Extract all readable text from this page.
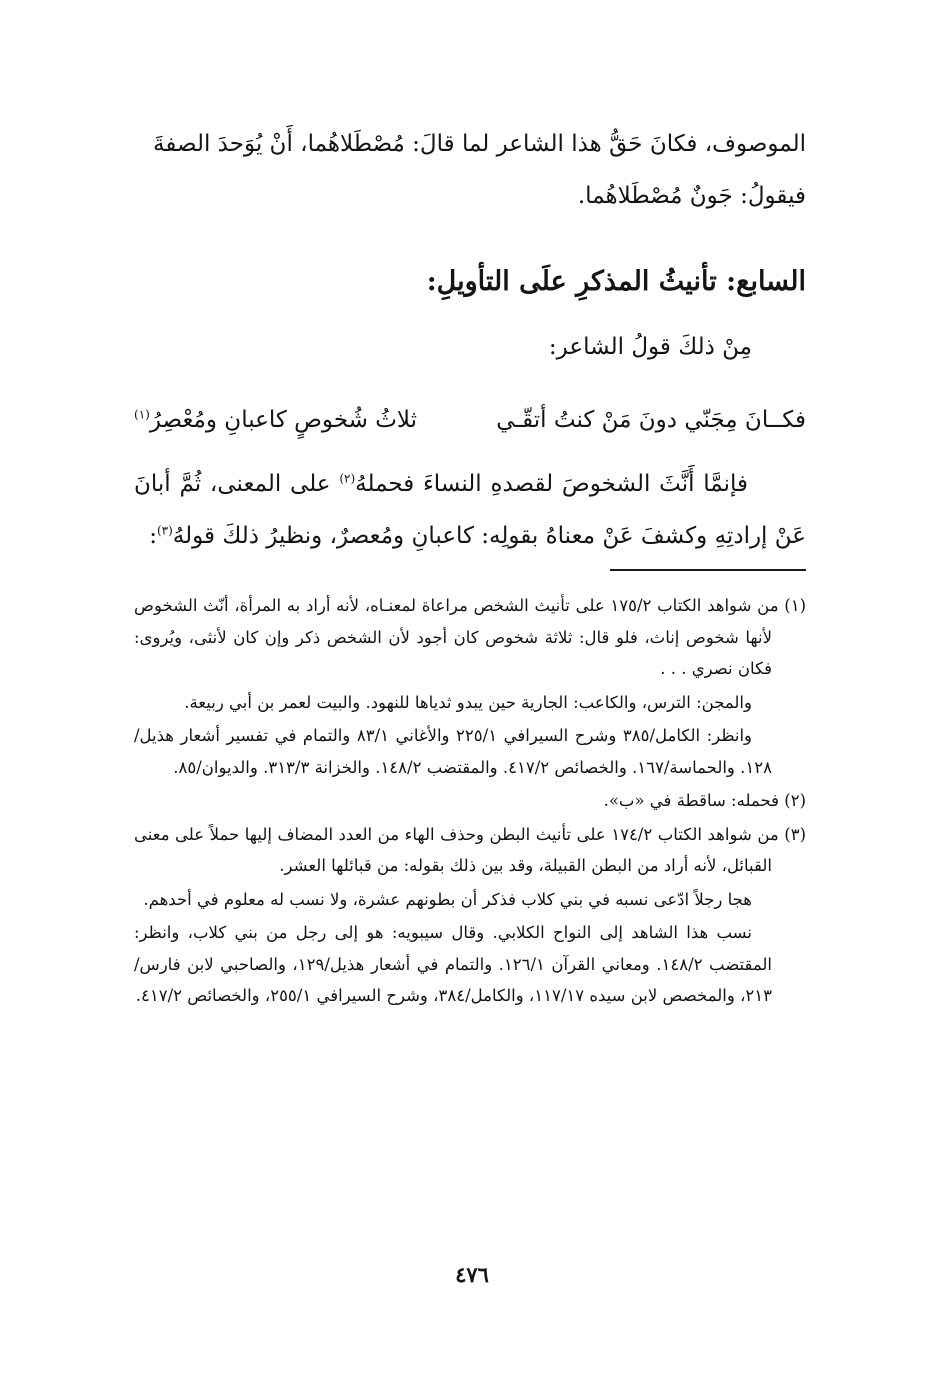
الموصوف، فكانَ حَقُّ هذا الشاعر لما قالَ: مُصْطَلاهُما، أَنْ يُوَحدَ الصفةَ
فيقولُ: جَونٌ مُصْطَلاهُما.
السابع: تأنيثُ المذكرِ علَى التأويلِ:
مِنْ ذلكَ قولُ الشاعر:
فكــانَ مِجَنّي دونَ مَنْ كنتُ أتقّـي
ثلاثُ شُخوصٍ كاعبانِ ومُعْصِرُ$^{(١)}$

فإنمَّا أَنَّثَ الشخوصَ لقصدهِ النساءَ فحملهُ$^{(٢)}$ على المعنى، ثُمَّ أبانَ عَنْ إرادتِهِ وكشفَ عَنْ معناهُ بقولِه: كاعبانِ ومُعصرٌ، ونظيرُ ذلكَ قولهُ$^{(٣)}$:

(١) من شواهد الكتاب ١٧٥/٢ على تأنيث الشخص مراعاة لمعنـاه، لأنه أراد به المرأة، أنّث الشخوص لأنها شخوص إناث، فلو قال: ثلاثة شخوص كان أجود لأن الشخص ذكر وإن كان لأنثى، ويُروى: فكان نصري . . .

والمجن: الترس، والكاعب: الجارية حين يبدو ثدياها للنهود. والبيت لعمر بن أبي ربيعة.

وانظر: الكامل/٣٨٥ وشرح السيرافي ٢٢٥/١ والأغاني ٨٣/١ والتمام في تفسير أشعار هذيل/١٢٨. والحماسة/١٦٧. والخصائص ٤١٧/٢. والمقتضب ١٤٨/٢. والخزانة ٣١٣/٣. والديوان/٨٥.

(٢) فحمله: ساقطة في «ب».

(٣) من شواهد الكتاب ١٧٤/٢ على تأنيث البطن وحذف الهاء من العدد المضاف إليها حملاً على معنى القبائل، لأنه أراد من البطن القبيلة، وقد بين ذلك بقوله: من قبائلها العشر.

هجا رجلاً ادّعى نسبه في بني كلاب فذكر أن بطونهم عشرة، ولا نسب له معلوم في أحدهم.

نسب هذا الشاهد إلى النواح الكلابي. وقال سيبويه: هو إلى رجل من بني كلاب، وانظر: المقتضب ١٤٨/٢. ومعاني القرآن ١٢٦/١. والتمام في أشعار هذيل/١٢٩، والصاحبي لابن فارس/٢١٣، والمخصص لابن سيده ١١٧/١٧، والكامل/٣٨٤، وشرح السيرافي ٢٥٥/١، والخصائص ٤١٧/٢.

٤٧٦
